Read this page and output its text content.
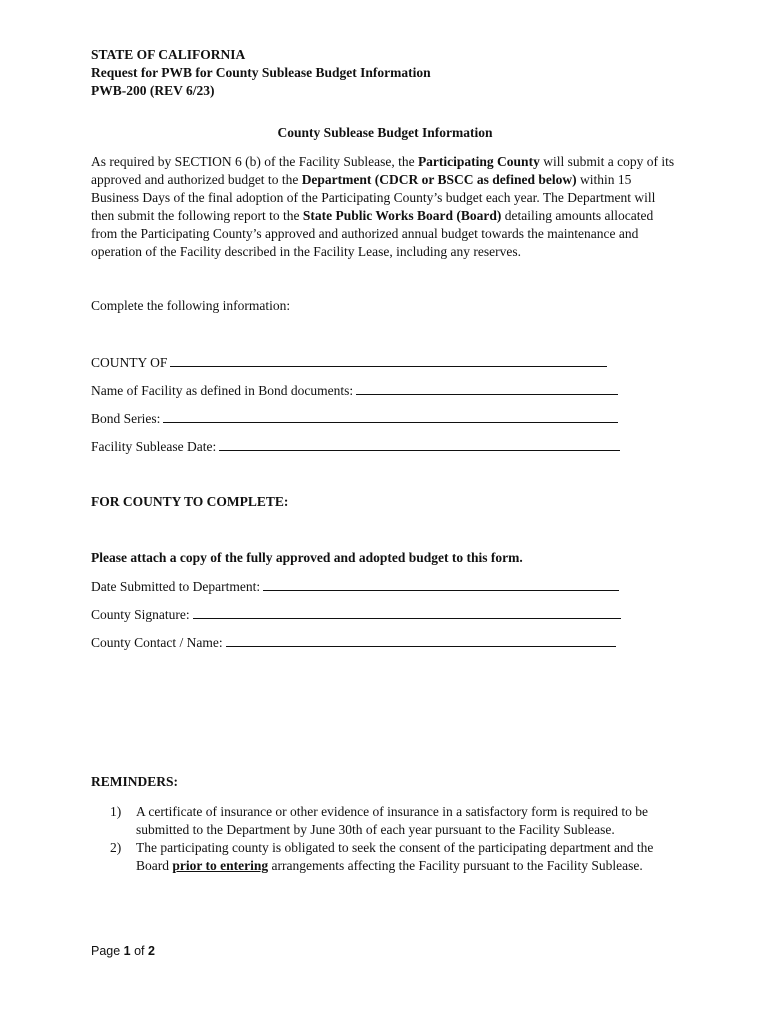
STATE OF CALIFORNIA
Request for PWB for County Sublease Budget Information
PWB-200 (REV 6/23)
County Sublease Budget Information
As required by SECTION 6 (b) of the Facility Sublease, the Participating County will submit a copy of its approved and authorized budget to the Department (CDCR or BSCC as defined below) within 15 Business Days of the final adoption of the Participating County’s budget each year. The Department will then submit the following report to the State Public Works Board (Board) detailing amounts allocated from the Participating County’s approved and authorized annual budget towards the maintenance and operation of the Facility described in the Facility Lease, including any reserves.
Complete the following information:
COUNTY OF
Name of Facility as defined in Bond documents:
Bond Series:
Facility Sublease Date:
FOR COUNTY TO COMPLETE:
Please attach a copy of the fully approved and adopted budget to this form.
Date Submitted to Department:
County Signature:
County Contact / Name:
REMINDERS:
1) A certificate of insurance or other evidence of insurance in a satisfactory form is required to be submitted to the Department by June 30th of each year pursuant to the Facility Sublease.
2) The participating county is obligated to seek the consent of the participating department and the Board prior to entering arrangements affecting the Facility pursuant to the Facility Sublease.
Page 1 of 2
